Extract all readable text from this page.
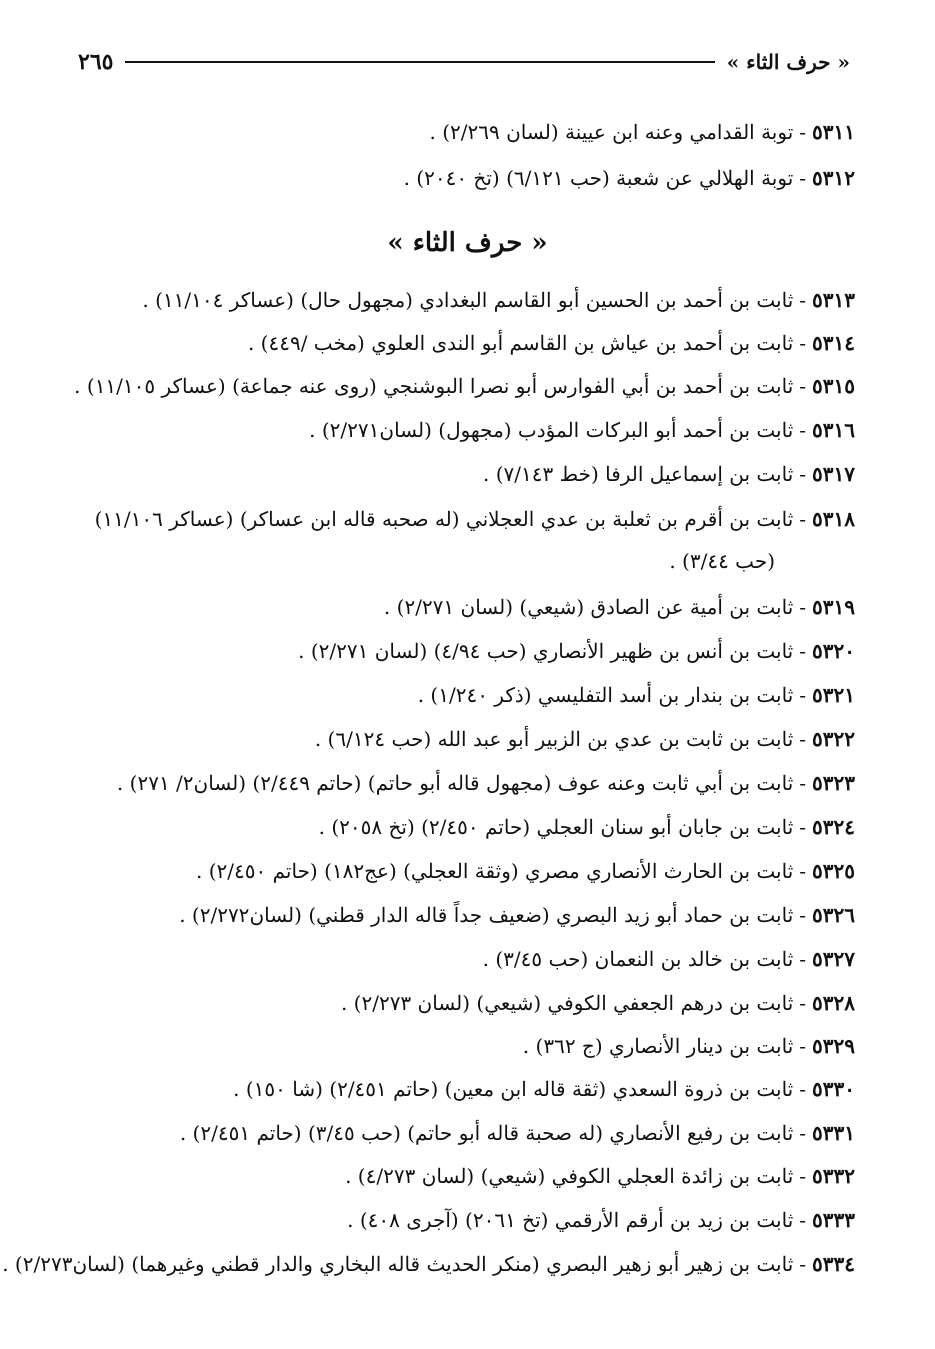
٢٦٥	« حرف الثاء »
٥٣١١-توبة القدامي وعنه ابن عيينة (لسان ٢/٢٦٩) .
٥٣١٢-توبة الهلالي عن شعبة (حب ٦/١٢١) (تخ ٢٠٤٠) .
« حرف الثاء »
٥٣١٣-ثابت بن أحمد بن الحسين أبو القاسم البغدادي (مجهول حال) (عساكر ١١/١٠٤) .
٥٣١٤-ثابت بن أحمد بن عياش بن القاسم أبو الندى العلوي (مخب /٤٤٩) .
٥٣١٥-ثابت بن أحمد بن أبي الفوارس أبو نصرا البوشنجي (روى عنه جماعة) (عساكر ١١/١٠٥) .
٥٣١٦-ثابت بن أحمد أبو البركات المؤدب (مجهول) (لسان٢/٢٧١) .
٥٣١٧-ثابت بن إسماعيل الرفا (خط ٧/١٤٣) .
٥٣١٨-ثابت بن أقرم بن ثعلبة بن عدي العجلاني (له صحبه قاله ابن عساكر) (عساكر ١١/١٠٦)
(حب ٣/٤٤) .
٥٣١٩-ثابت بن أمية عن الصادق (شيعي) (لسان ٢/٢٧١) .
٥٣٢٠-ثابت بن أنس بن ظهير الأنصاري (حب ٤/٩٤) (لسان ٢/٢٧١) .
٥٣٢١-ثابت بن بندار بن أسد التفليسي (ذكر ١/٢٤٠) .
٥٣٢٢-ثابت بن ثابت بن عدي بن الزبير أبو عبد الله (حب ٦/١٢٤) .
٥٣٢٣-ثابت بن أبي ثابت وعنه عوف (مجهول قاله أبو حاتم) (حاتم ٢/٤٤٩) (لسان٢/ ٢٧١) .
٥٣٢٤-ثابت بن جابان أبو سنان العجلي (حاتم ٢/٤٥٠) (تخ ٢٠٥٨) .
٥٣٢٥-ثابت بن الحارث الأنصاري مصري (وثقة العجلي) (عج١٨٢) (حاتم ٢/٤٥٠) .
٥٣٢٦-ثابت بن حماد أبو زيد البصري (ضعيف جداً قاله الدار قطني) (لسان٢/٢٧٢) .
٥٣٢٧-ثابت بن خالد بن النعمان (حب ٣/٤٥) .
٥٣٢٨-ثابت بن درهم الجعفي الكوفي (شيعي) (لسان ٢/٢٧٣) .
٥٣٢٩-ثابت بن دينار الأنصاري (ج ٣٦٢) .
٥٣٣٠-ثابت بن ذروة السعدي (ثقة قاله ابن معين) (حاتم ٢/٤٥١) (شا ١٥٠) .
٥٣٣١-ثابت بن رفيع الأنصاري (له صحبة قاله أبو حاتم) (حب ٣/٤٥) (حاتم ٢/٤٥١) .
٥٣٣٢-ثابت بن زائدة العجلي الكوفي (شيعي) (لسان ٤/٢٧٣) .
٥٣٣٣-ثابت بن زيد بن أرقم الأرقمي (تخ ٢٠٦١) (آجرى ٤٠٨) .
٥٣٣٤-ثابت بن زهير أبو زهير البصري (منكر الحديث قاله البخاري والدار قطني وغيرهما) (لسان٢/٢٧٣) .
